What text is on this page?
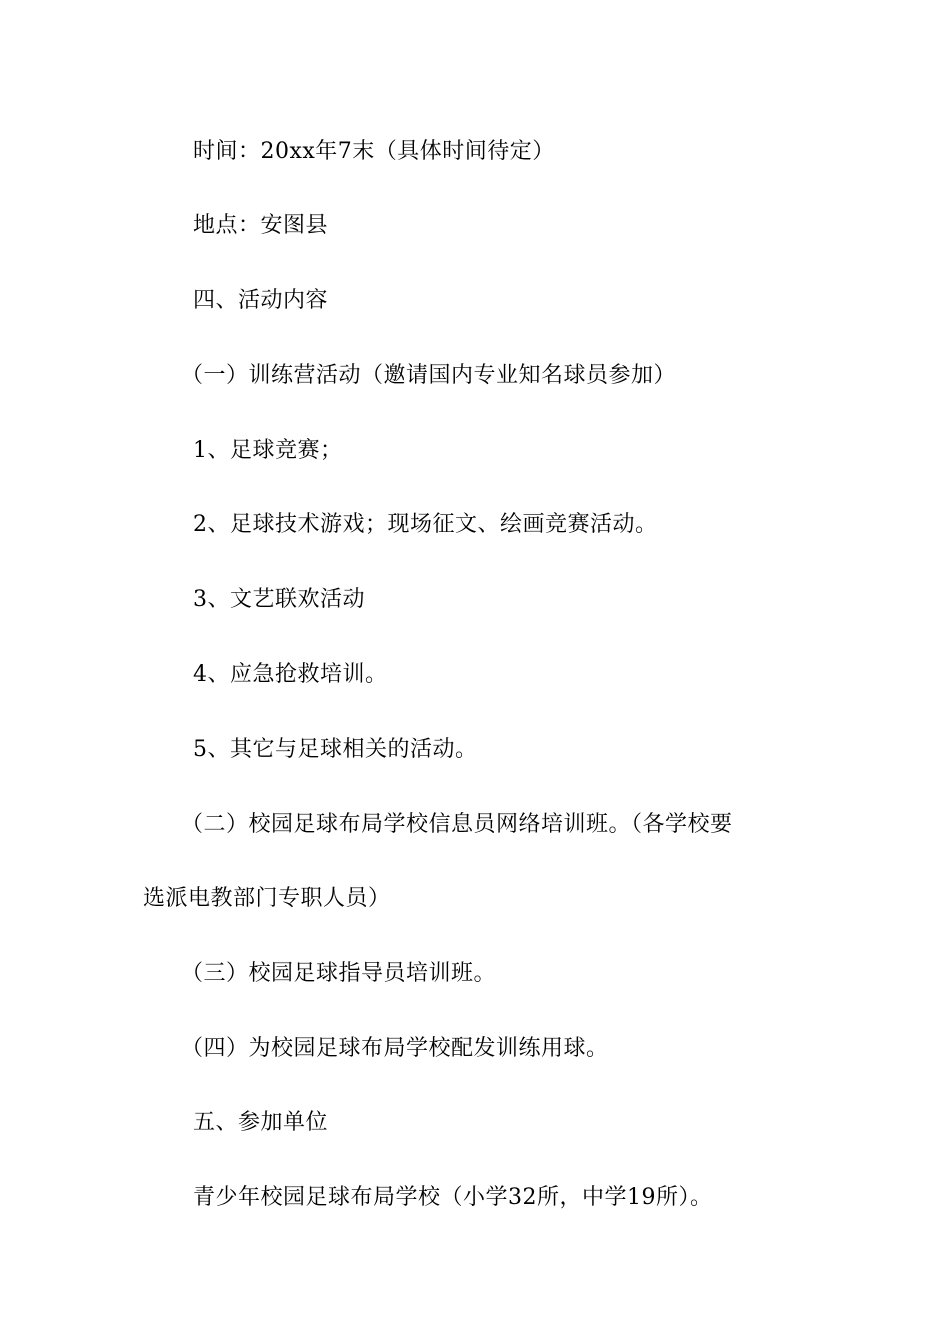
时间：20xx年7末（具体时间待定）
地点：安图县
四、活动内容
（一）训练营活动（邀请国内专业知名球员参加）
1、足球竞赛；
2、足球技术游戏；现场征文、绘画竞赛活动。
3、文艺联欢活动
4、应急抢救培训。
5、其它与足球相关的活动。
（二）校园足球布局学校信息员网络培训班。（各学校要
选派电教部门专职人员）
（三）校园足球指导员培训班。
（四）为校园足球布局学校配发训练用球。
五、参加单位
青少年校园足球布局学校（小学32所，中学19所）。
